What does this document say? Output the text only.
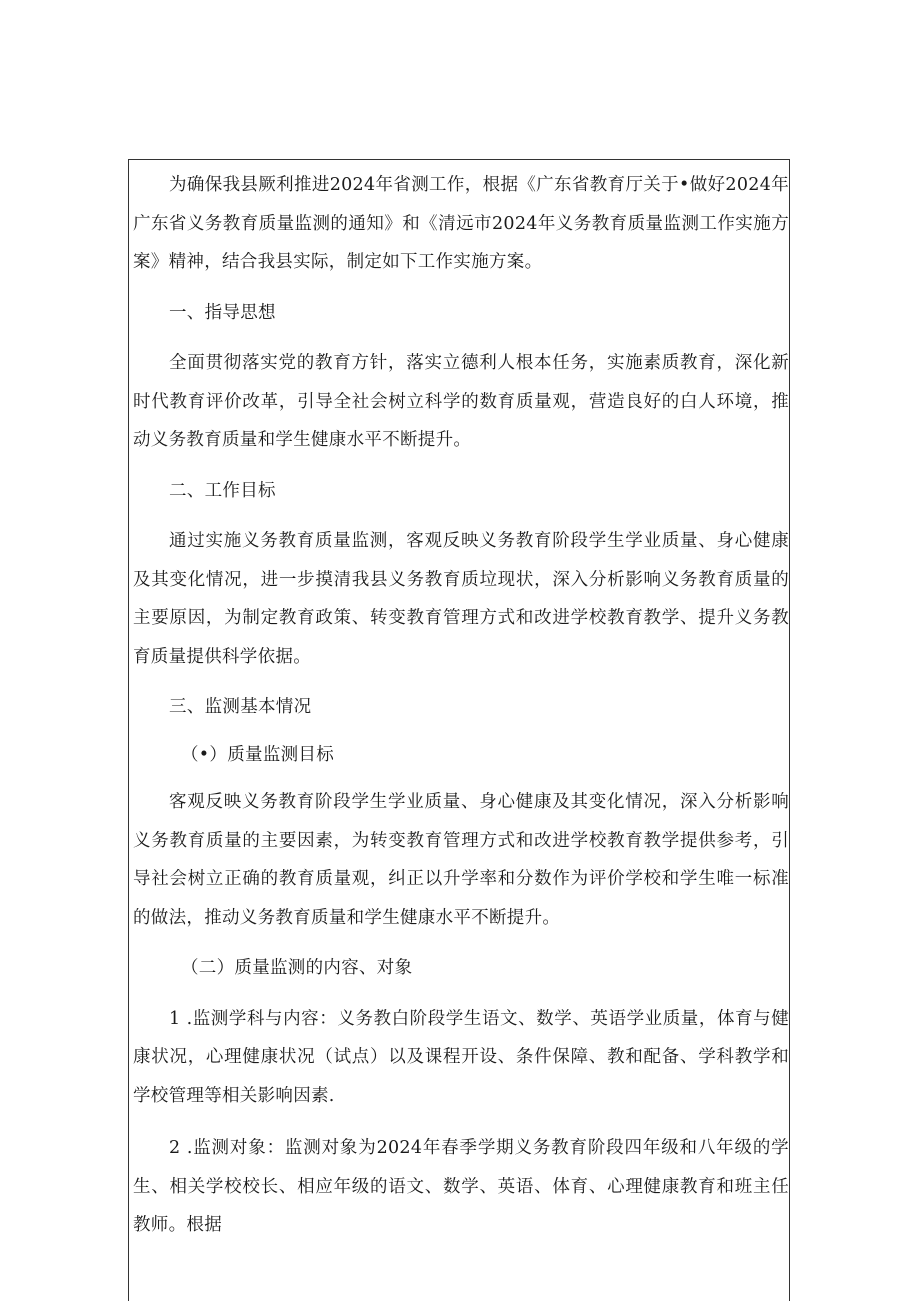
为确保我县厥利推进2024年省测工作，根据《广东省教育厅关于•做好2024年广东省义务教育质量监测的通知》和《清远市2024年义务教育质量监测工作实施方案》精神，结合我县实际，制定如下工作实施方案。

一、指导思想

全面贯彻落实党的教育方针，落实立德利人根本任务，实施素质教育，深化新时代教育评价改革，引导全社会树立科学的数育质量观，营造良好的白人环境，推动义务教育质量和学生健康水平不断提升。

二、工作目标

通过实施义务教育质量监测，客观反映义务教育阶段学生学业质量、身心健康及其变化情况，进一步摸清我县义务教育质垃现状，深入分析影响义务教育质量的主要原因，为制定教育政策、转变教育管理方式和改进学校教育教学、提升义务教育质量提供科学依据。

三、监测基本情况

（•）质量监测目标

客观反映义务教育阶段学生学业质量、身心健康及其变化情况，深入分析影响义务教育质量的主要因素，为转变教育管理方式和改进学校教育教学提供参考，引导社会树立正确的教育质量观，纠正以升学率和分数作为评价学校和学生唯一标准的做法，推动义务教育质量和学生健康水平不断提升。

（二）质量监测的内容、对象

1 .监测学科与内容：义务教白阶段学生语文、数学、英语学业质量，体育与健康状况，心理健康状况（试点）以及课程开设、条件保障、教和配备、学科教学和学校管理等相关影响因素.

2 .监测对象：监测对象为2024年春季学期义务教育阶段四年级和八年级的学生、相关学校校长、相应年级的语文、数学、英语、体育、心理健康教育和班主任教师。根据
